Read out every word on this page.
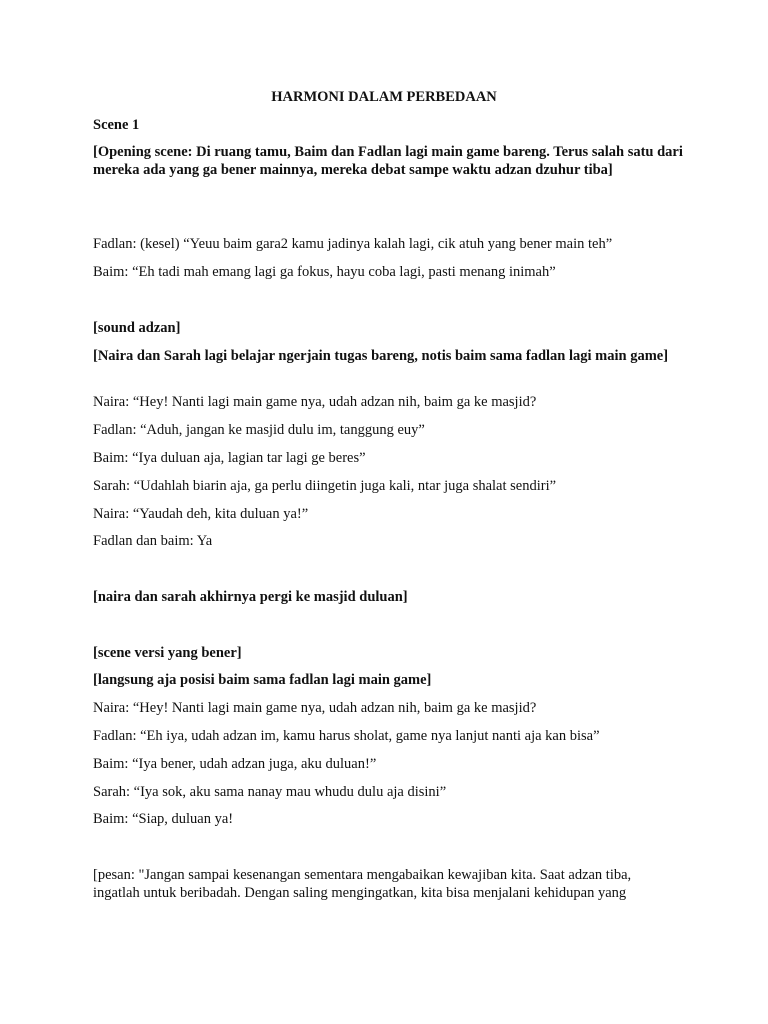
HARMONI DALAM PERBEDAAN

Scene 1

[Opening scene: Di ruang tamu, Baim dan Fadlan lagi main game bareng. Terus salah satu dari mereka ada yang ga bener mainnya, mereka debat sampe waktu adzan dzuhur tiba]

Fadlan: (kesel) “Yeuu baim gara2 kamu jadinya kalah lagi, cik atuh yang bener main teh”

Baim: “Eh tadi mah emang lagi ga fokus, hayu coba lagi, pasti menang inimah”

[sound adzan]

[Naira dan Sarah lagi belajar ngerjain tugas bareng, notis baim sama fadlan lagi main game]

Naira: “Hey! Nanti lagi main game nya, udah adzan nih, baim ga ke masjid?

Fadlan: “Aduh, jangan ke masjid dulu im, tanggung euy”

Baim: “Iya duluan aja, lagian tar lagi ge beres”

Sarah: “Udahlah biarin aja, ga perlu diingetin juga kali, ntar juga shalat sendiri”

Naira: “Yaudah deh, kita duluan ya!”

Fadlan dan baim: Ya

[naira dan sarah akhirnya pergi ke masjid duluan]

[scene versi yang bener]

[langsung aja posisi baim sama fadlan lagi main game]

Naira: “Hey! Nanti lagi main game nya, udah adzan nih, baim ga ke masjid?

Fadlan: “Eh iya, udah adzan im, kamu harus sholat, game nya lanjut nanti aja kan bisa”

Baim: “Iya bener, udah adzan juga, aku duluan!”

Sarah: “Iya sok, aku sama nanay mau whudu dulu aja disini”

Baim: “Siap, duluan ya!

[pesan: "Jangan sampai kesenangan sementara mengabaikan kewajiban kita. Saat adzan tiba, ingatlah untuk beribadah. Dengan saling mengingatkan, kita bisa menjalani kehidupan yang
